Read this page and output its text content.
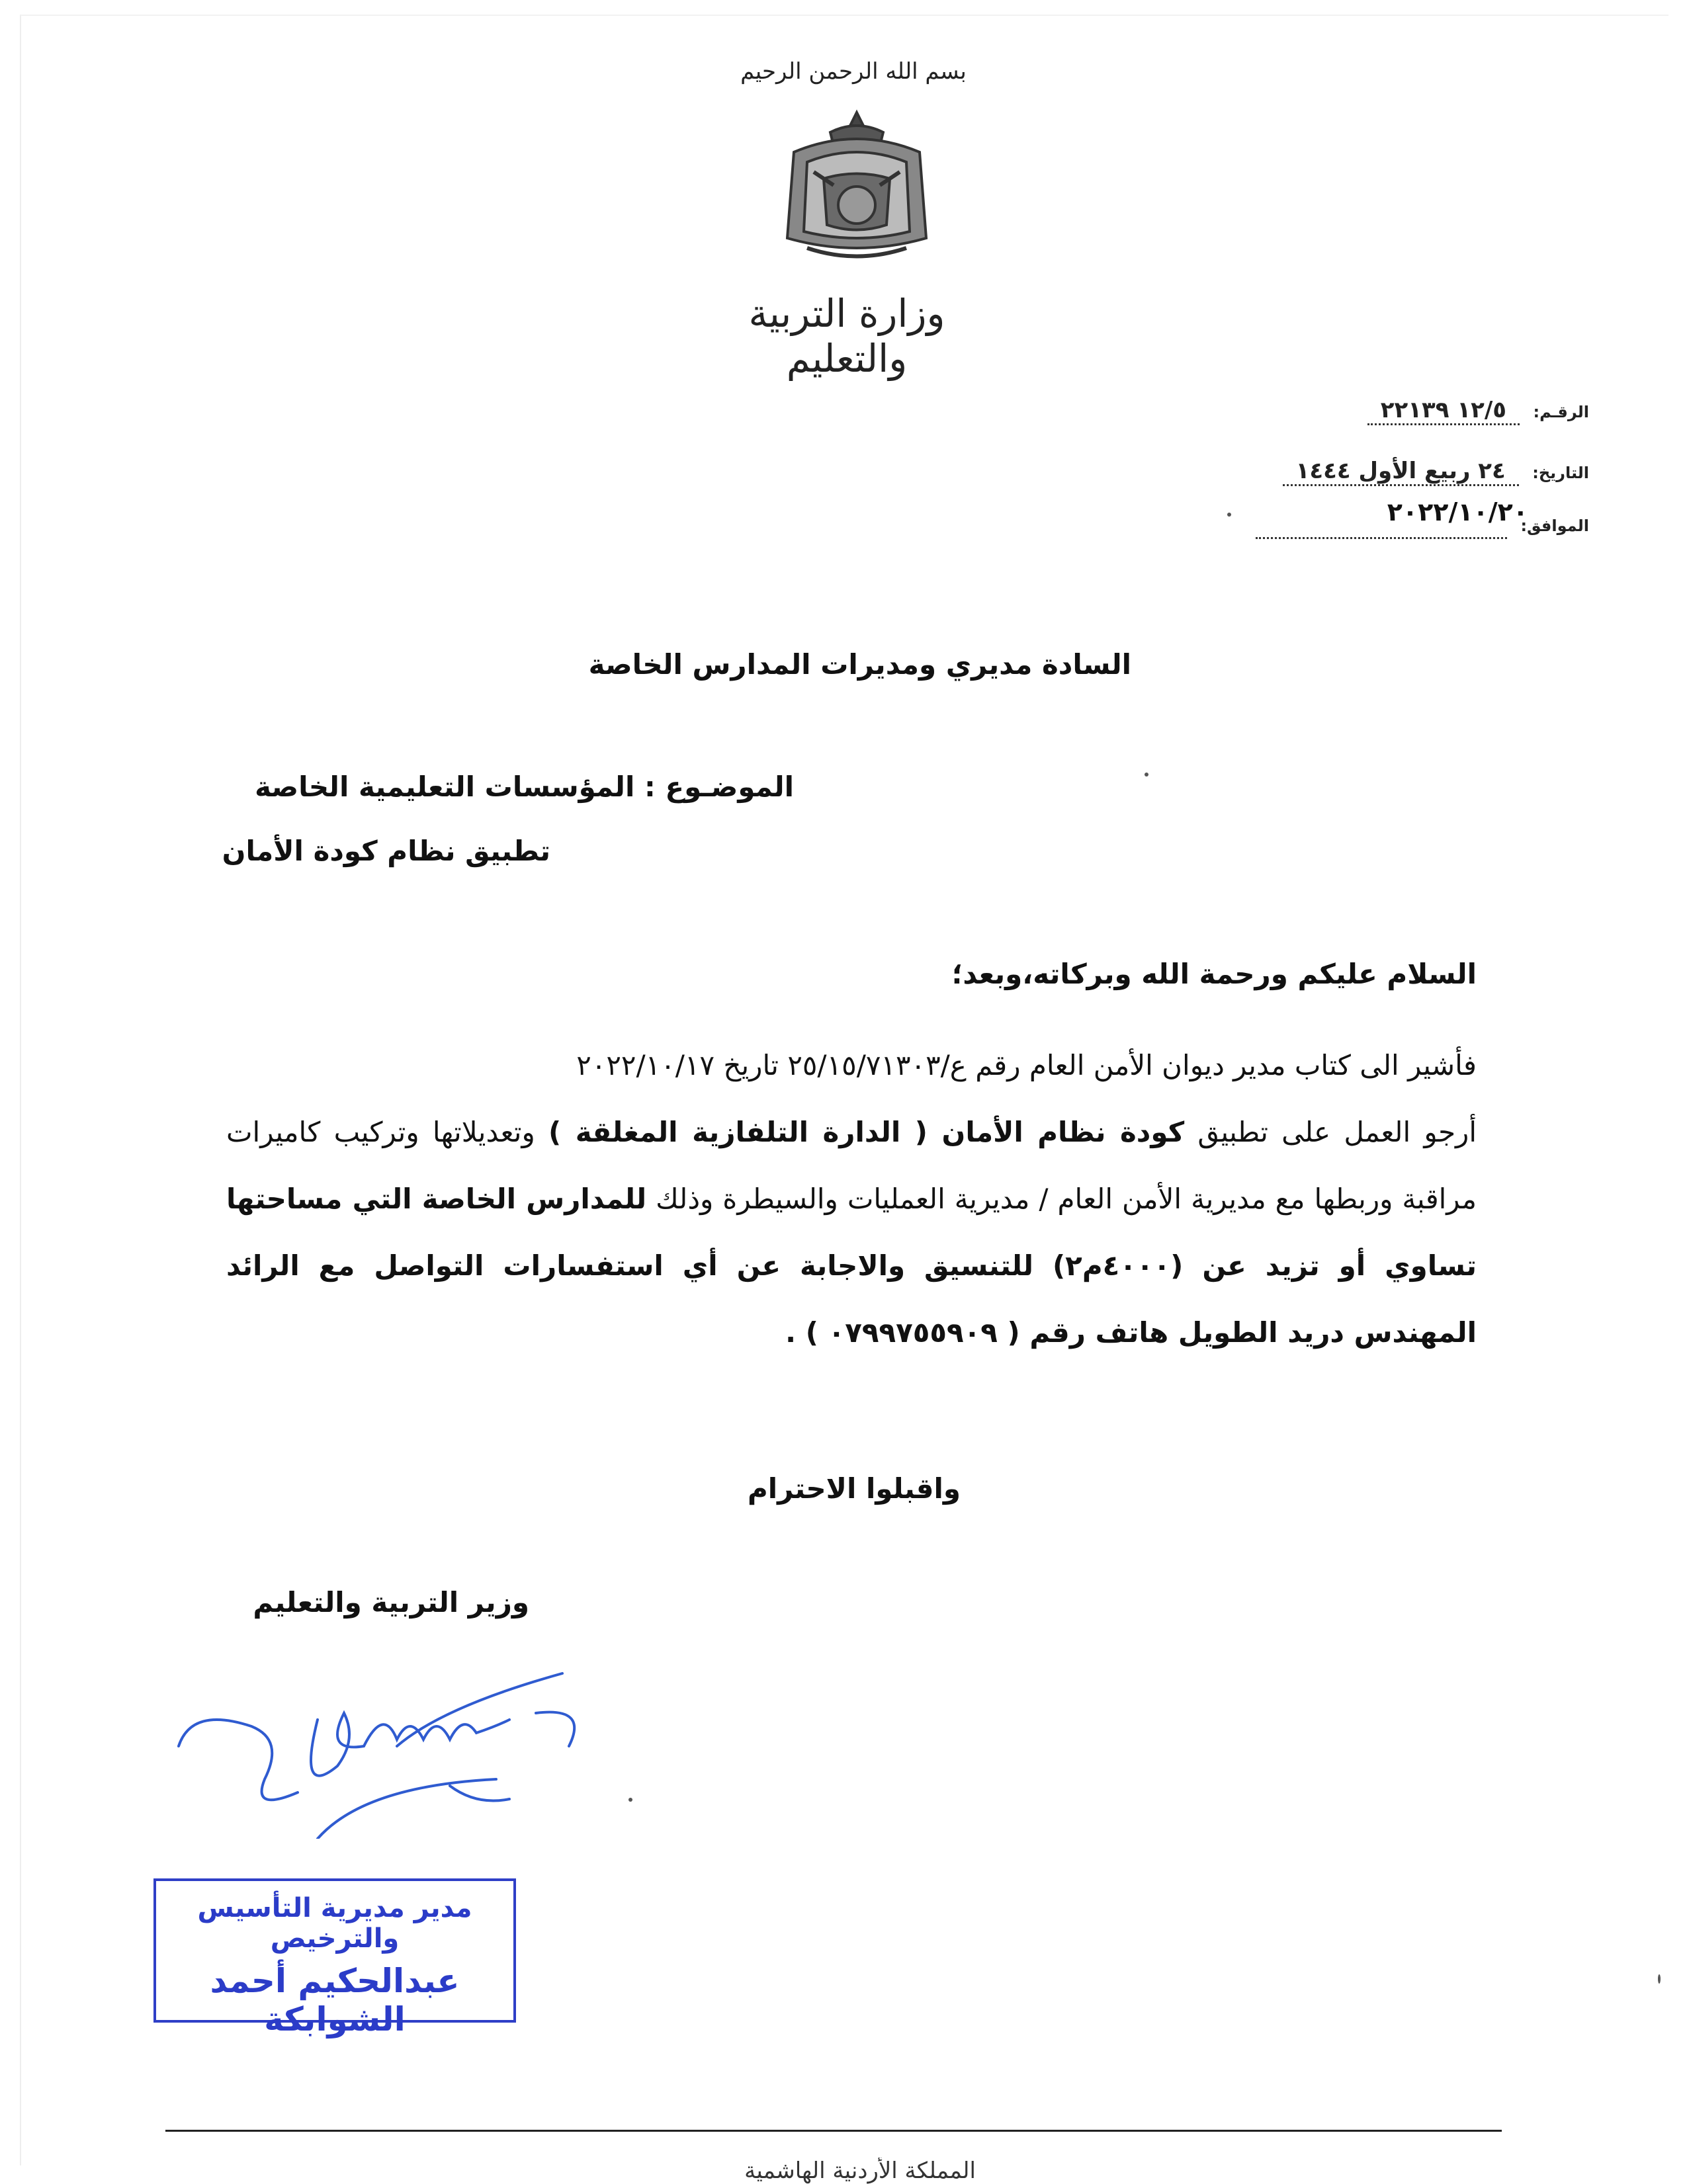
بسم الله الرحمن الرحيم
وزارة التربية والتعليم
الرقـم: ١٢/٥ ٢٢١٣٩
التاريخ: ٢٤ ربيع الأول ١٤٤٤
الموافق:
٢٠٢٢/١٠/٢٠
السادة مديري ومديرات المدارس الخاصة
الموضـوع : المؤسسات التعليمية الخاصة
تطبيق نظام كودة الأمان
السلام عليكم ورحمة الله وبركاته،وبعد؛
فأشير الى كتاب مدير ديوان الأمن العام رقم ع/٢٥/١٥/٧١٣٠٣ تاريخ ٢٠٢٢/١٠/١٧
أرجو العمل على تطبيق كودة نظام الأمان ( الدارة التلفازية المغلقة ) وتعديلاتها وتركيب كاميرات مراقبة وربطها مع مديرية الأمن العام / مديرية العمليات والسيطرة وذلك للمدارس الخاصة التي مساحتها تساوي أو تزيد عن (٤٠٠٠م٢) للتنسيق والاجابة عن أي استفسارات التواصل مع الرائد المهندس دريد الطويل هاتف رقم ( ٠٧٩٩٧٥٥٩٠٩ ) .
واقبلوا الاحترام
وزير التربية والتعليم
مدير مديرية التأسيس والترخيص
عبدالحكيم أحمد الشوابكة
المملكة الأردنية الهاشمية
